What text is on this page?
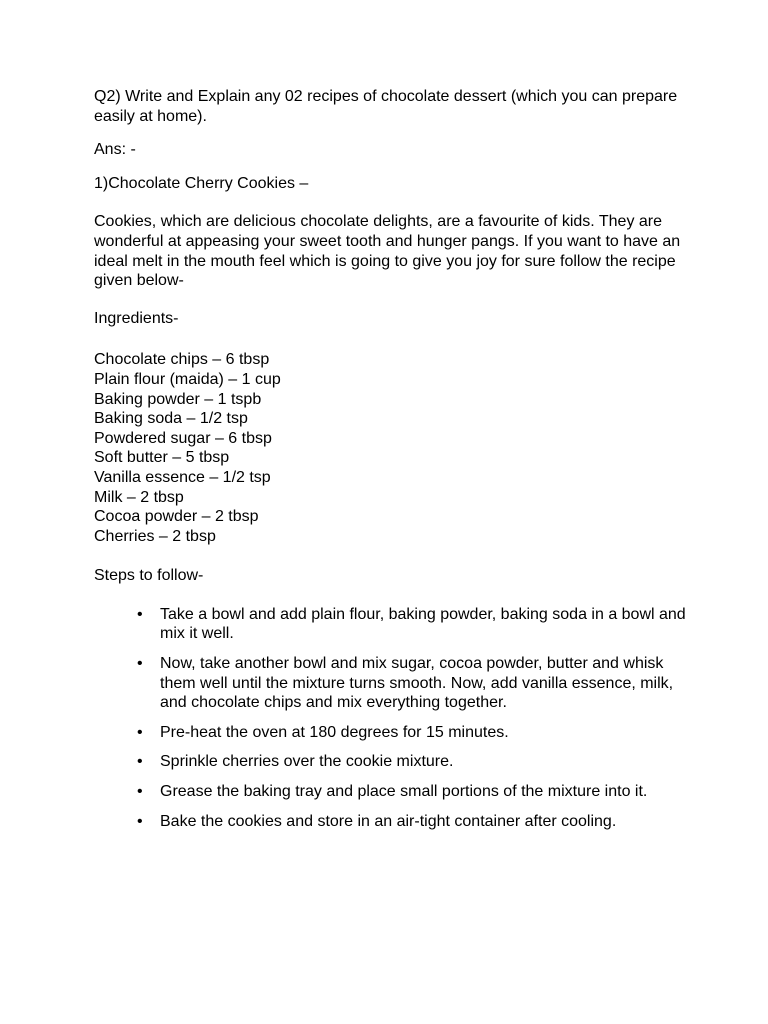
Q2) Write and Explain any 02 recipes of chocolate dessert (which you can prepare easily at home).

Ans: -

1)Chocolate Cherry Cookies –

Cookies, which are delicious chocolate delights, are a favourite of kids. They are wonderful at appeasing your sweet tooth and hunger pangs. If you want to have an ideal melt in the mouth feel which is going to give you joy for sure follow the recipe given below-

Ingredients-

Chocolate chips – 6 tbsp
Plain flour (maida) – 1 cup
Baking powder – 1 tspb
Baking soda – 1/2 tsp
Powdered sugar – 6 tbsp
Soft butter – 5 tbsp
Vanilla essence – 1/2 tsp
Milk – 2 tbsp
Cocoa powder – 2 tbsp
Cherries – 2 tbsp

Steps to follow-

• Take a bowl and add plain flour, baking powder, baking soda in a bowl and mix it well.
• Now, take another bowl and mix sugar, cocoa powder, butter and whisk them well until the mixture turns smooth. Now, add vanilla essence, milk, and chocolate chips and mix everything together.
• Pre-heat the oven at 180 degrees for 15 minutes.
• Sprinkle cherries over the cookie mixture.
• Grease the baking tray and place small portions of the mixture into it.
• Bake the cookies and store in an air-tight container after cooling.
